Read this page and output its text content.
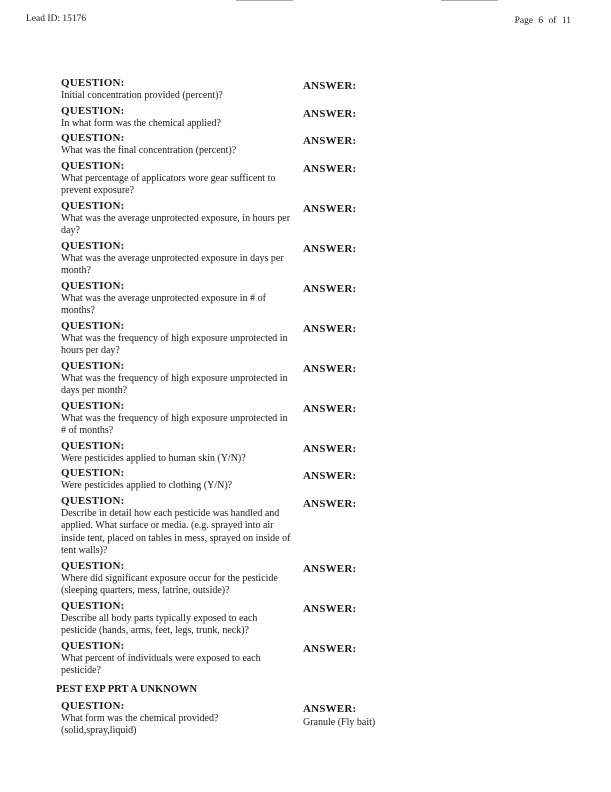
Lead ID: 15176	Page 6 of 11
QUESTION:
Initial concentration provided (percent)?
ANSWER:
QUESTION:
In what form was the chemical applied?
ANSWER:
QUESTION:
What was the final concentration (percent)?
ANSWER:
QUESTION:
What percentage of applicators wore gear sufficent to prevent exposure?
ANSWER:
QUESTION:
What was the average unprotected exposure, in hours per day?
ANSWER:
QUESTION:
What was the average unprotected exposure in days per month?
ANSWER:
QUESTION:
What was the average unprotected exposure in # of months?
ANSWER:
QUESTION:
What was the frequency of high exposure unprotected in hours per day?
ANSWER:
QUESTION:
What was the frequency of high exposure unprotected in days per month?
ANSWER:
QUESTION:
What was the frequency of high exposure unprotected in # of months?
ANSWER:
QUESTION:
Were pesticides applied to human skin (Y/N)?
ANSWER:
QUESTION:
Were pesticides applied to clothing (Y/N)?
ANSWER:
QUESTION:
Describe in detail how each pesticide was handled and applied. What surface or media. (e.g. sprayed into air inside tent, placed on tables in mess, sprayed on inside of tent walls)?
ANSWER:
QUESTION:
Where did significant exposure occur for the pesticide (sleeping quarters, mess, latrine, outside)?
ANSWER:
QUESTION:
Describe all body parts typically exposed to each pesticide (hands, arms, feet, legs, trunk, neck)?
ANSWER:
QUESTION:
What percent of individuals were exposed to each pesticide?
ANSWER:
PEST EXP PRT A UNKNOWN
QUESTION:
What form was the chemical provided?(solid,spray,liquid)
ANSWER:
Granule (Fly bait)
